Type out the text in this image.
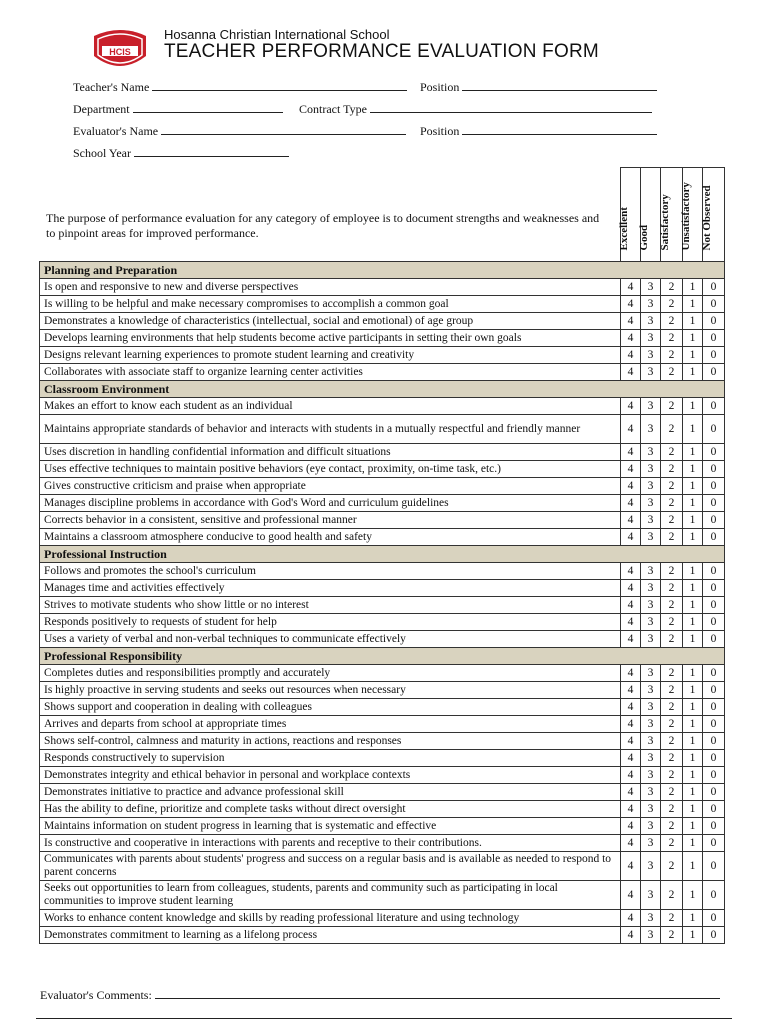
HCIS
Hosanna Christian International School
TEACHER PERFORMANCE EVALUATION FORM
Teacher's Name	Position
Department	Contract Type
Evaluator's Name	Position
School Year
The purpose of performance evaluation for any category of employee is to document strengths and weaknesses and to pinpoint areas for improved performance.

	Excellent	Good	Satisfactory	Unsatisfactory	Not Observed

Planning and Preparation					
Is open and responsive to new and diverse perspectives	4	3	2	1	0
Is willing to be helpful and make necessary compromises to accomplish a common goal	4	3	2	1	0
Demonstrates a knowledge of characteristics (intellectual, social and emotional) of age group	4	3	2	1	0
Develops learning environments that help students become active participants in setting their own goals	4	3	2	1	0
Designs relevant learning experiences to promote student learning and creativity	4	3	2	1	0
Collaborates with associate staff to organize learning center activities	4	3	2	1	0
Classroom Environment					
Makes an effort to know each student as an individual	4	3	2	1	0
Maintains appropriate standards of behavior and interacts with students in a mutually respectful and friendly manner	4	3	2	1	0
Uses discretion in handling confidential information and difficult situations	4	3	2	1	0
Uses effective techniques to maintain positive behaviors (eye contact, proximity, on-time task, etc.)	4	3	2	1	0
Gives constructive criticism and praise when appropriate	4	3	2	1	0
Manages discipline problems in accordance with God's Word and curriculum guidelines	4	3	2	1	0
Corrects behavior in a consistent, sensitive and professional manner	4	3	2	1	0
Maintains a classroom atmosphere conducive to good health and safety	4	3	2	1	0
Professional Instruction					
Follows and promotes the school's curriculum	4	3	2	1	0
Manages time and activities effectively	4	3	2	1	0
Strives to motivate students who show little or no interest	4	3	2	1	0
Responds positively to requests of student for help	4	3	2	1	0
Uses a variety of verbal and non-verbal techniques to communicate effectively	4	3	2	1	0
Professional Responsibility					
Completes duties and responsibilities promptly and accurately	4	3	2	1	0
Is highly proactive in serving students and seeks out resources when necessary	4	3	2	1	0
Shows support and cooperation in dealing with colleagues	4	3	2	1	0
Arrives and departs from school at appropriate times	4	3	2	1	0
Shows self-control, calmness and maturity in actions, reactions and responses	4	3	2	1	0
Responds constructively to supervision	4	3	2	1	0
Demonstrates integrity and ethical behavior in personal and workplace contexts	4	3	2	1	0
Demonstrates initiative to practice and advance professional skill	4	3	2	1	0
Has the ability to define, prioritize and complete tasks without direct oversight	4	3	2	1	0
Maintains information on student progress in learning that is systematic and effective	4	3	2	1	0
Is constructive and cooperative in interactions with parents and receptive to their contributions.	4	3	2	1	0
Communicates with parents about students' progress and success on a regular basis and is available as needed to respond to parent concerns	4	3	2	1	0
Seeks out opportunities to learn from colleagues, students, parents and community such as participating in local communities to improve student learning	4	3	2	1	0
Works to enhance content knowledge and skills by reading professional literature and using technology	4	3	2	1	0
Demonstrates commitment to learning as a lifelong process	4	3	2	1	0
Evaluator's Comments:
